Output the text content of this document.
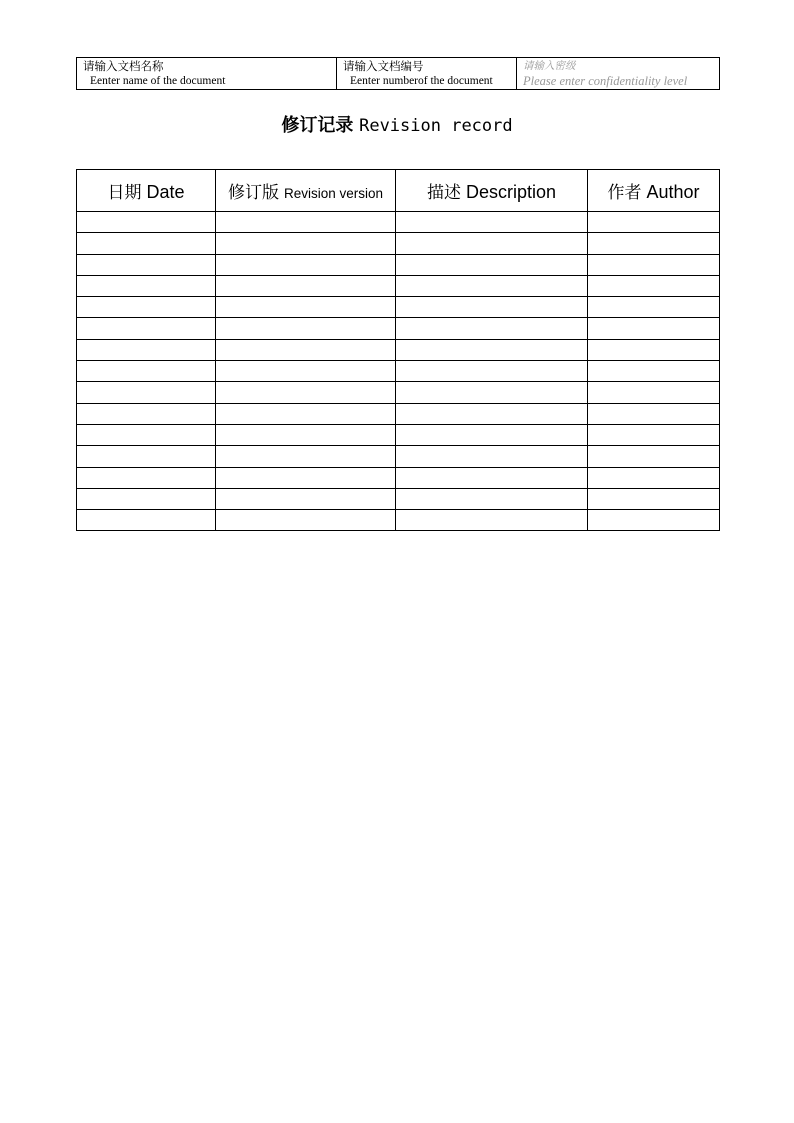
请输入文档名称
Eenter name of the document

请输入文档编号
Eenter numberof the document

请输入密级
Please enter confidentiality level
修订记录 Revision record
日期 Date	修订版 Revision version	描述 Description	作者 Author
